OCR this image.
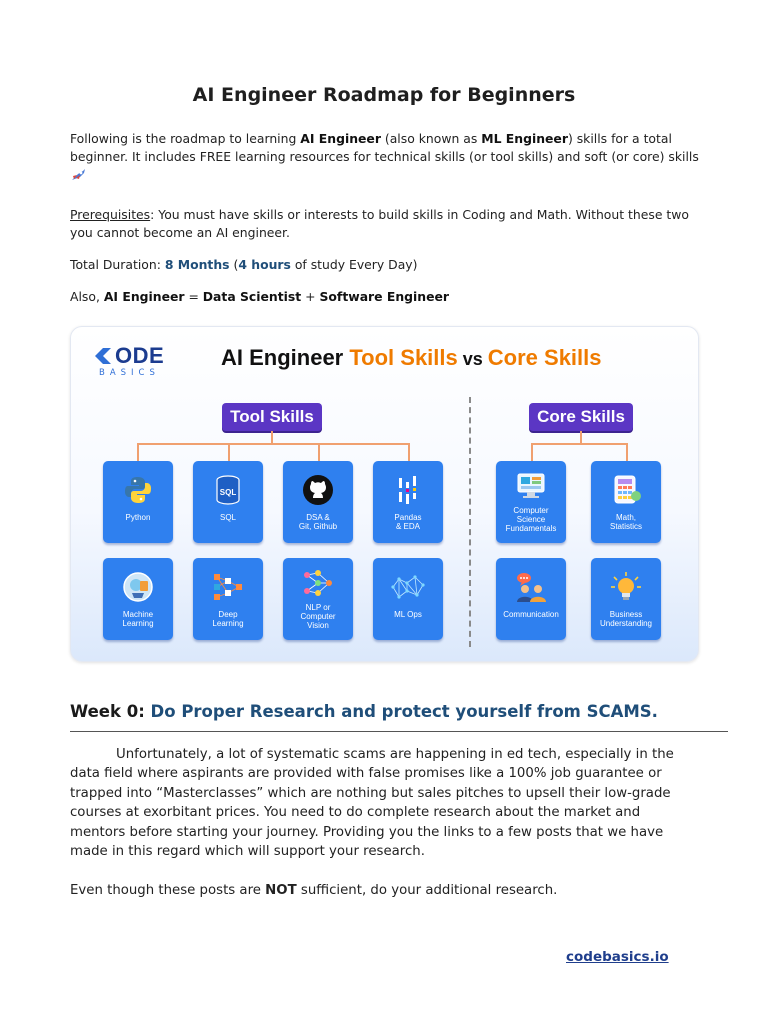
AI Engineer Roadmap for Beginners
Following is the roadmap to learning AI Engineer (also known as ML Engineer) skills for a total
beginner. It includes FREE learning resources for technical skills (or tool skills) and soft (or core) skills
Prerequisites: You must have skills or interests to build skills in Coding and Math. Without these two
you cannot become an AI engineer.
Total Duration: 8 Months (4 hours of study Every Day)
Also, AI Engineer = Data Scientist + Software Engineer
ODE
BASICS
AI Engineer Tool Skills vs Core Skills
Tool Skills	Core Skills
Python
SQL
SQL	DSA &
Git, Github
Pandas
& EDA
Machine
Learning
Deep
Learning
NLP or
Computer
Vision
ML Ops
Computer
Science
Fundamentals
Math,
Statistics
Communication	Business
Understanding
Week 0: Do Proper Research and protect yourself from SCAMS.
Unfortunately, a lot of systematic scams are happening in ed tech, especially in the
data field where aspirants are provided with false promises like a 100% job guarantee or
trapped into “Masterclasses” which are nothing but sales pitches to upsell their low-grade
courses at exorbitant prices. You need to do complete research about the market and
mentors before starting your journey. Providing you the links to a few posts that we have
made in this regard which will support your research.
Even though these posts are NOT sufficient, do your additional research.
codebasics.io
